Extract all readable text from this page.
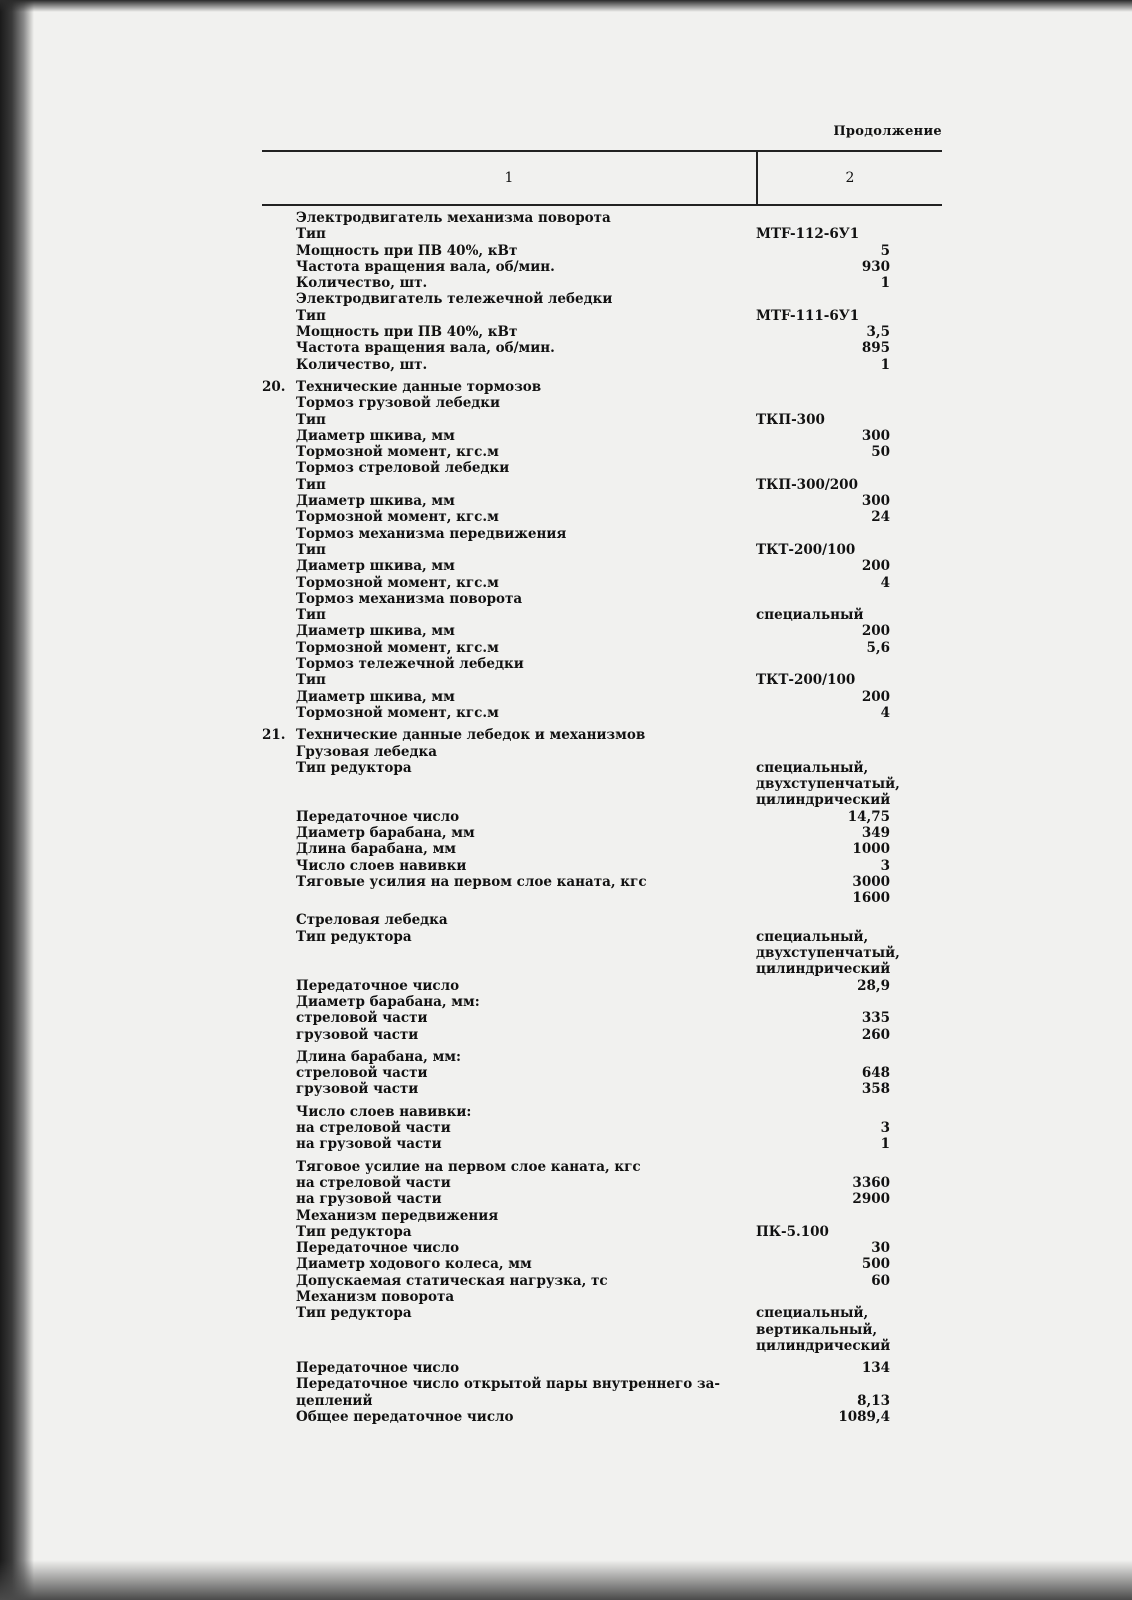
Продолжение
1	2
Электродвигатель механизма поворота
Тип	МТF-112-6У1
Мощность при ПВ 40%, кВт	5
Частота вращения вала, об/мин.	930
Количество, шт.	1
Электродвигатель тележечной лебедки
Тип	МТF-111-6У1
Мощность при ПВ 40%, кВт	3,5
Частота вращения вала, об/мин.	895
Количество, шт.	1
20. Технические данные тормозов
Тормоз грузовой лебедки
Тип	ТКП-300
Диаметр шкива, мм	300
Тормозной момент, кгс.м	50
Тормоз стреловой лебедки
Тип	ТКП-300/200
Диаметр шкива, мм	300
Тормозной момент, кгс.м	24
Тормоз механизма передвижения
Тип	ТКТ-200/100
Диаметр шкива, мм	200
Тормозной момент, кгс.м	4
Тормоз механизма поворота
Тип	специальный
Диаметр шкива, мм	200
Тормозной момент, кгс.м	5,6
Тормоз тележечной лебедки
Тип	ТКТ-200/100
Диаметр шкива, мм	200
Тормозной момент, кгс.м	4
21. Технические данные лебедок и механизмов
Грузовая лебедка
Тип редуктора	специальный,
двухступенчатый,
цилиндрический
Передаточное число	14,75
Диаметр барабана, мм	349
Длина барабана, мм	1000
Число слоев навивки	3
Тяговые усилия на первом слое каната, кгс	3000
1600
Стреловая лебедка
Тип редуктора	специальный,
двухступенчатый,
цилиндрический
Передаточное число	28,9
Диаметр барабана, мм:
стреловой части	335
грузовой части	260
Длина барабана, мм:
стреловой части	648
грузовой части	358
Число слоев навивки:
на стреловой части	3
на грузовой части	1
Тяговое усилие на первом слое каната, кгс
на стреловой части	3360
на грузовой части	2900
Механизм передвижения
Тип редуктора	ПК-5.100
Передаточное число	30
Диаметр ходового колеса, мм	500
Допускаемая статическая нагрузка, тс	60
Механизм поворота
Тип редуктора	специальный,
вертикальный,
цилиндрический
Передаточное число	134
Передаточное число открытой пары внутреннего за-
цеплений	8,13
Общее передаточное число	1089,4
